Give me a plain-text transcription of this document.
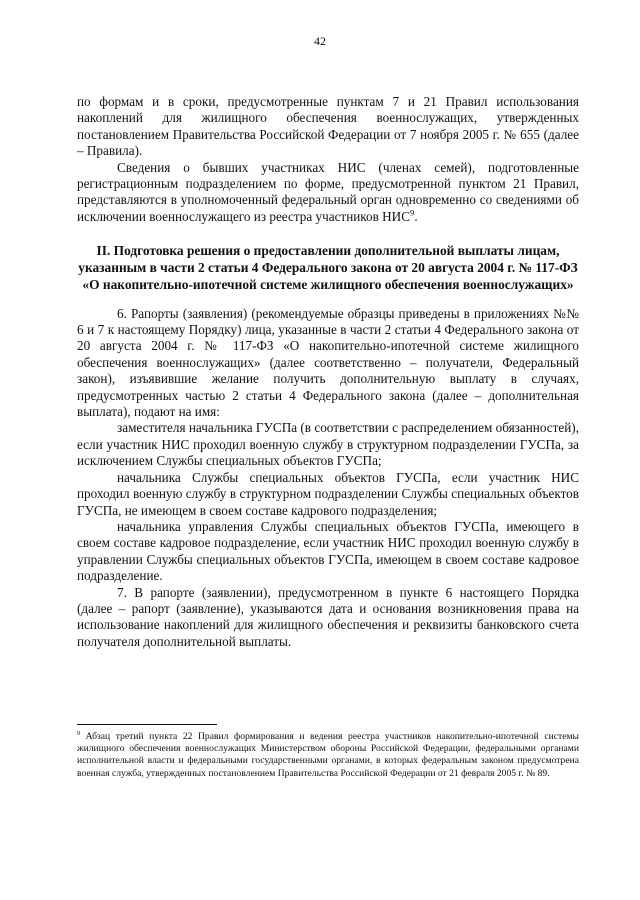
42

по формам и в сроки, предусмотренные пунктам 7 и 21 Правил использования накоплений для жилищного обеспечения военнослужащих, утвержденных постановлением Правительства Российской Федерации от 7 ноября 2005 г. № 655 (далее – Правила).

Сведения о бывших участниках НИС (членах семей), подготовленные регистрационным подразделением по форме, предусмотренной пунктом 21 Правил, представляются в уполномоченный федеральный орган одновременно со сведениями об исключении военнослужащего из реестра участников НИС$^9$.

II. Подготовка решения о предоставлении дополнительной выплаты лицам, указанным в части 2 статьи 4 Федерального закона от 20 августа 2004 г. № 117-ФЗ «О накопительно-ипотечной системе жилищного обеспечения военнослужащих»

6. Рапорты (заявления) (рекомендуемые образцы приведены в приложениях №№ 6 и 7 к настоящему Порядку) лица, указанные в части 2 статьи 4 Федерального закона от 20 августа 2004 г. № 117-ФЗ «О накопительно-ипотечной системе жилищного обеспечения военнослужащих» (далее соответственно – получатели, Федеральный закон), изъявившие желание получить дополнительную выплату в случаях, предусмотренных частью 2 статьи 4 Федерального закона (далее – дополнительная выплата), подают на имя:

заместителя начальника ГУСПа (в соответствии с распределением обязанностей), если участник НИС проходил военную службу в структурном подразделении ГУСПа, за исключением Службы специальных объектов ГУСПа;

начальника Службы специальных объектов ГУСПа, если участник НИС проходил военную службу в структурном подразделении Службы специальных объектов ГУСПа, не имеющем в своем составе кадрового подразделения;

начальника управления Службы специальных объектов ГУСПа, имеющего в своем составе кадровое подразделение, если участник НИС проходил военную службу в управлении Службы специальных объектов ГУСПа, имеющем в своем составе кадровое подразделение.

7. В рапорте (заявлении), предусмотренном в пункте 6 настоящего Порядка (далее – рапорт (заявление), указываются дата и основания возникновения права на использование накоплений для жилищного обеспечения и реквизиты банковского счета получателя дополнительной выплаты.

$^9$ Абзац третий пункта 22 Правил формирования и ведения реестра участников накопительно-ипотечной системы жилищного обеспечения военнослужащих Министерством обороны Российской Федерации, федеральными органами исполнительной власти и федеральными государственными органами, в которых федеральным законом предусмотрена военная служба, утвержденных постановлением Правительства Российской Федерации от 21 февраля 2005 г. № 89.
